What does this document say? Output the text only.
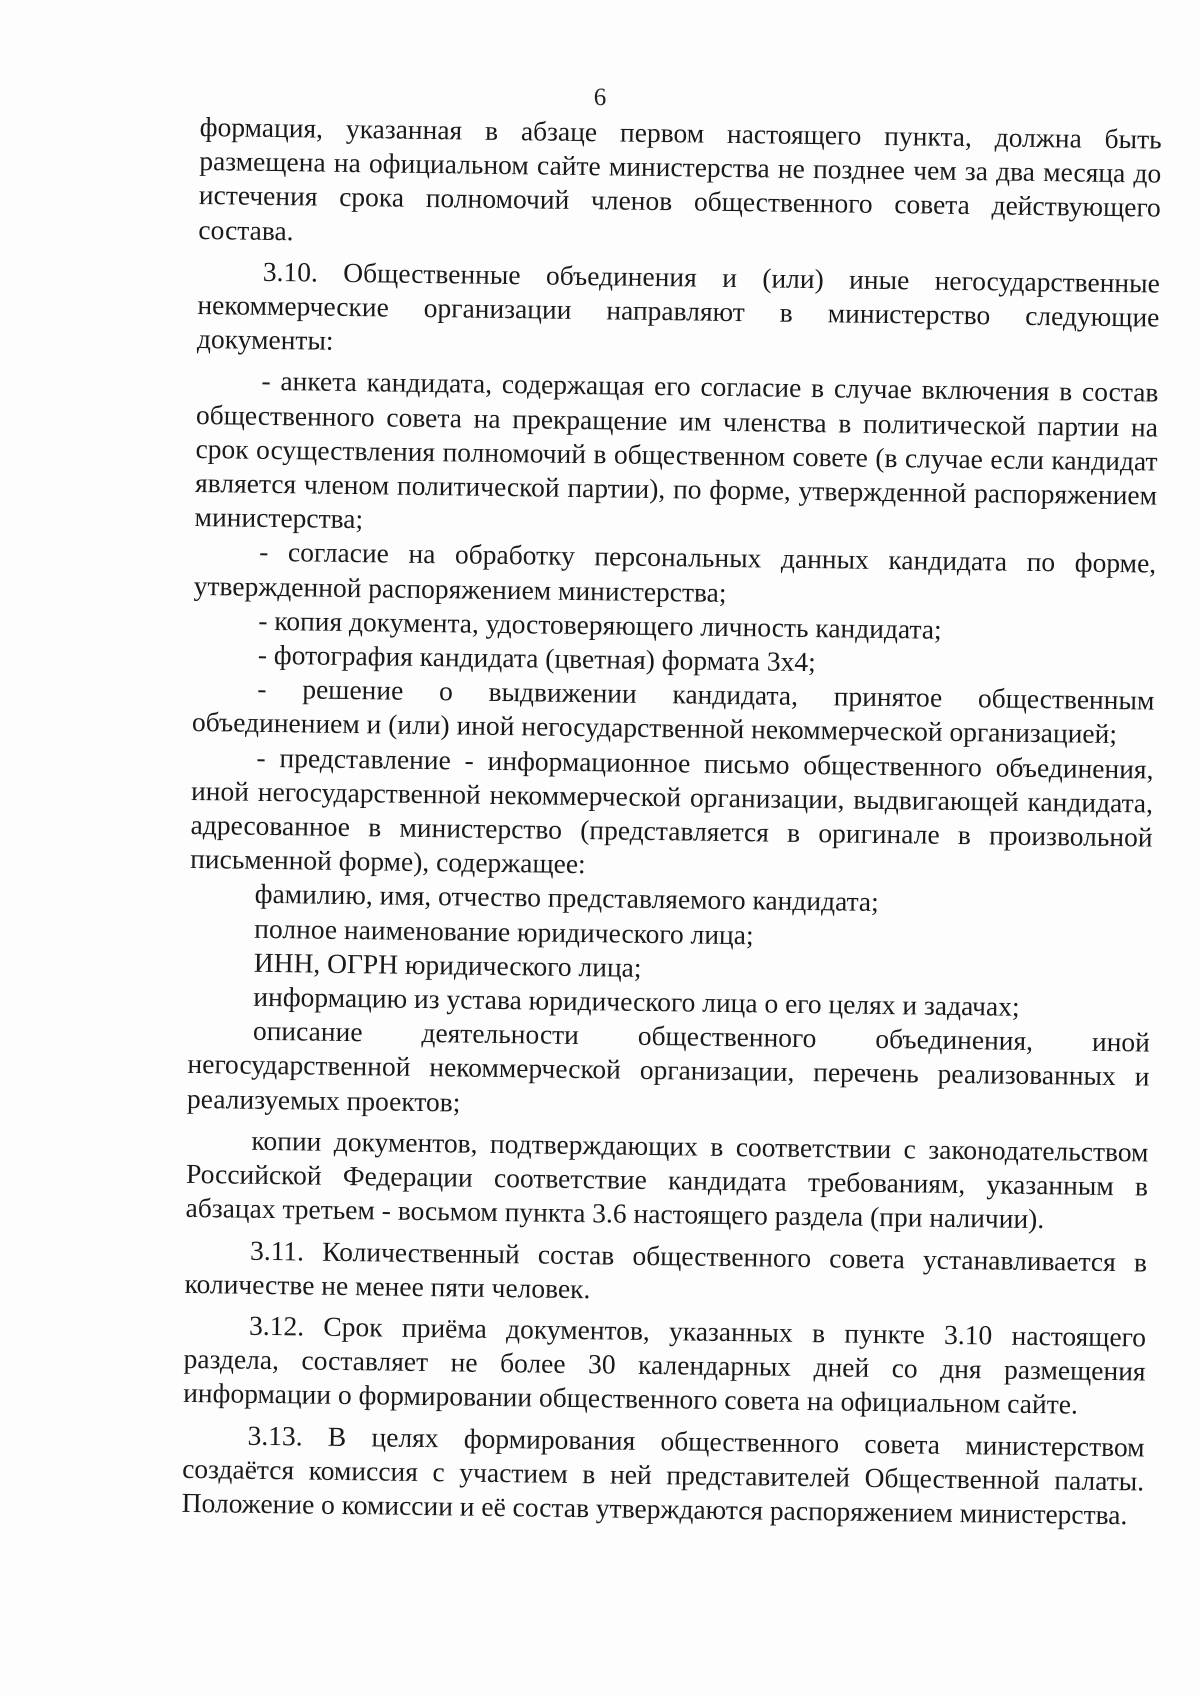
6

формация, указанная в абзаце первом настоящего пункта, должна быть размещена на официальном сайте министерства не позднее чем за два месяца до истечения срока полномочий членов общественного совета действующего состава.

3.10. Общественные объединения и (или) иные негосударственные некоммерческие организации направляют в министерство следующие документы:

- анкета кандидата, содержащая его согласие в случае включения в состав общественного совета на прекращение им членства в политической партии на срок осуществления полномочий в общественном совете (в случае если кандидат является членом политической партии), по форме, утвержденной распоряжением министерства;

- согласие на обработку персональных данных кандидата по форме, утвержденной распоряжением министерства;

- копия документа, удостоверяющего личность кандидата;

- фотография кандидата (цветная) формата 3х4;

- решение о выдвижении кандидата, принятое общественным объединением и (или) иной негосударственной некоммерческой организацией;

- представление - информационное письмо общественного объединения, иной негосударственной некоммерческой организации, выдвигающей кандидата, адресованное в министерство (представляется в оригинале в произвольной письменной форме), содержащее:

фамилию, имя, отчество представляемого кандидата;

полное наименование юридического лица;

ИНН, ОГРН юридического лица;

информацию из устава юридического лица о его целях и задачах;

описание деятельности общественного объединения, иной негосударственной некоммерческой организации, перечень реализованных и реализуемых проектов;

копии документов, подтверждающих в соответствии с законодательством Российской Федерации соответствие кандидата требованиям, указанным в абзацах третьем - восьмом пункта 3.6 настоящего раздела (при наличии).

3.11. Количественный состав общественного совета устанавливается в количестве не менее пяти человек.

3.12. Срок приёма документов, указанных в пункте 3.10 настоящего раздела, составляет не более 30 календарных дней со дня размещения информации о формировании общественного совета на официальном сайте.

3.13. В целях формирования общественного совета министерством создаётся комиссия с участием в ней представителей Общественной палаты. Положение о комиссии и её состав утверждаются распоряжением министерства.
